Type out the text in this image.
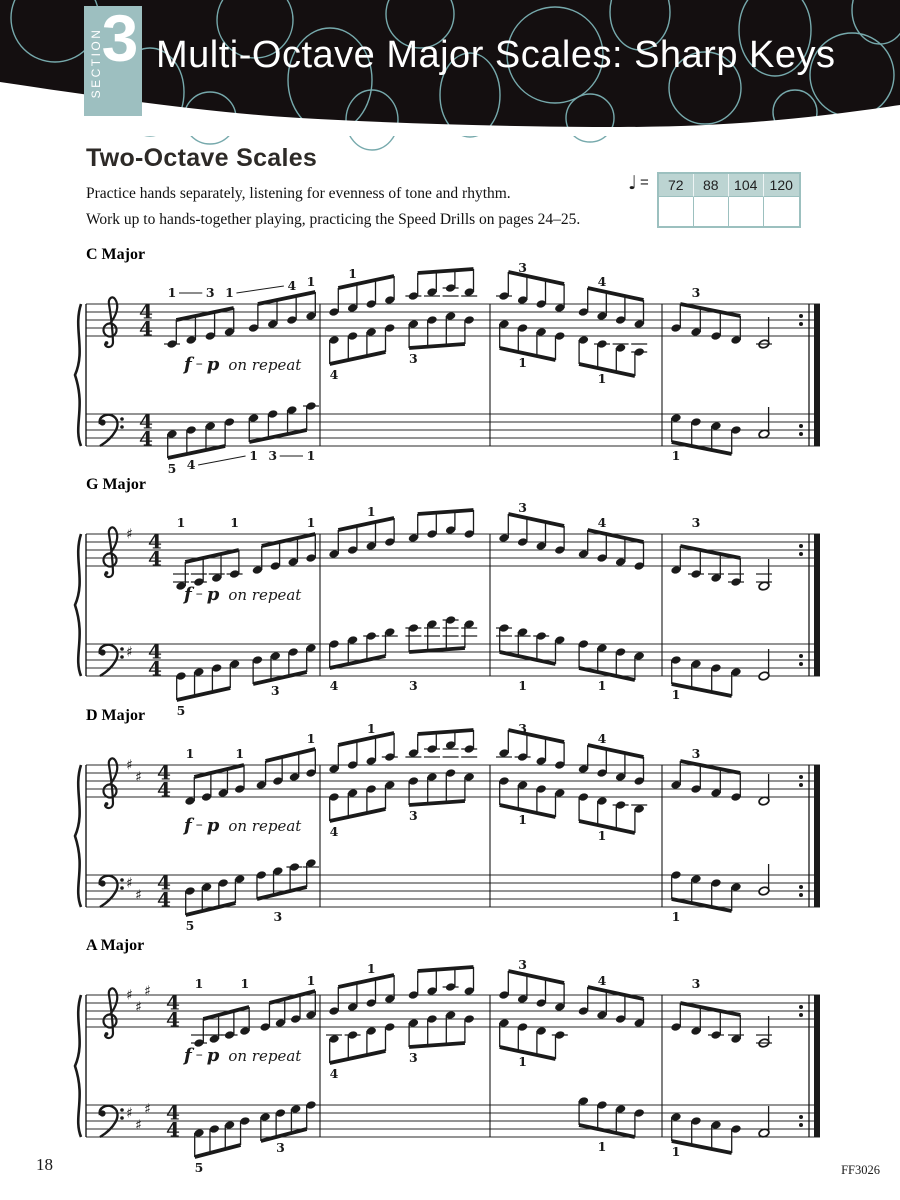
SECTION
3 Multi-Octave Major Scales: Sharp Keys
Two-Octave Scales
Practice hands separately, listening for evenness of tone and rhythm.
Work up to hands-together playing, practicing the Speed Drills on pages 24–25.
♩ =	72	88	104 120
C Major
4
4
4
4
1 3 1	4 1
1	3
4
3
5 4
1 3 1
4
3	1
1
1
f – p on repeat
G Major
♯
♯
4
4
4
4
1	1	1
1	3
4	3
5
3	4	3	1	1
1
f – p on repeat
D Major
♯
♯
♯
♯
4
4
4
4
1	1
1
1	3
4
3
5
3
4
3	1
1
1
f – p on repeat
A Major
♯
♯
♯
♯
♯
♯
4
4
4
4
1	1	1
1	3
4	3
5
3
4
3	1
1	1
f – p on repeat
18	FF3026
